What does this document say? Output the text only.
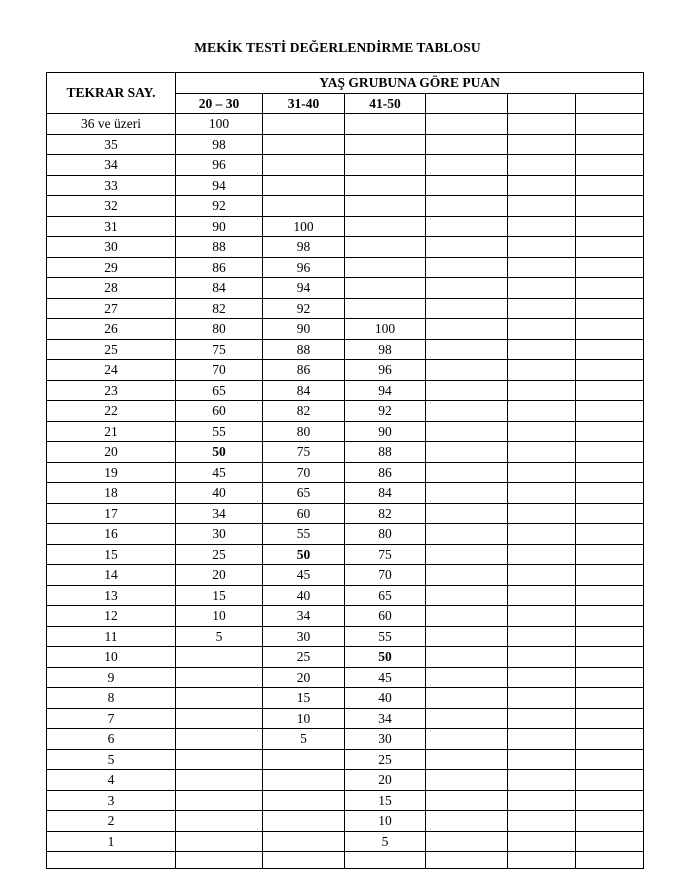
MEKİK TESTİ DEĞERLENDİRME TABLOSU
TEKRAR SAY.	YAŞ GRUBUNA GÖRE PUAN					
	20 – 30	31-40	41-50			
36 ve üzeri	100					
35	98					
34	96					
33	94					
32	92					
31	90	100				
30	88	98				
29	86	96				
28	84	94				
27	82	92				
26	80	90	100			
25	75	88	98			
24	70	86	96			
23	65	84	94			
22	60	82	92			
21	55	80	90			
20	50	75	88			
19	45	70	86			
18	40	65	84			
17	34	60	82			
16	30	55	80			
15	25	50	75			
14	20	45	70			
13	15	40	65			
12	10	34	60			
11	5	30	55			
10		25	50			
9		20	45			
8		15	40			
7		10	34			
6		5	30			
5			25			
4			20			
3			15			
2			10			
1			5			
